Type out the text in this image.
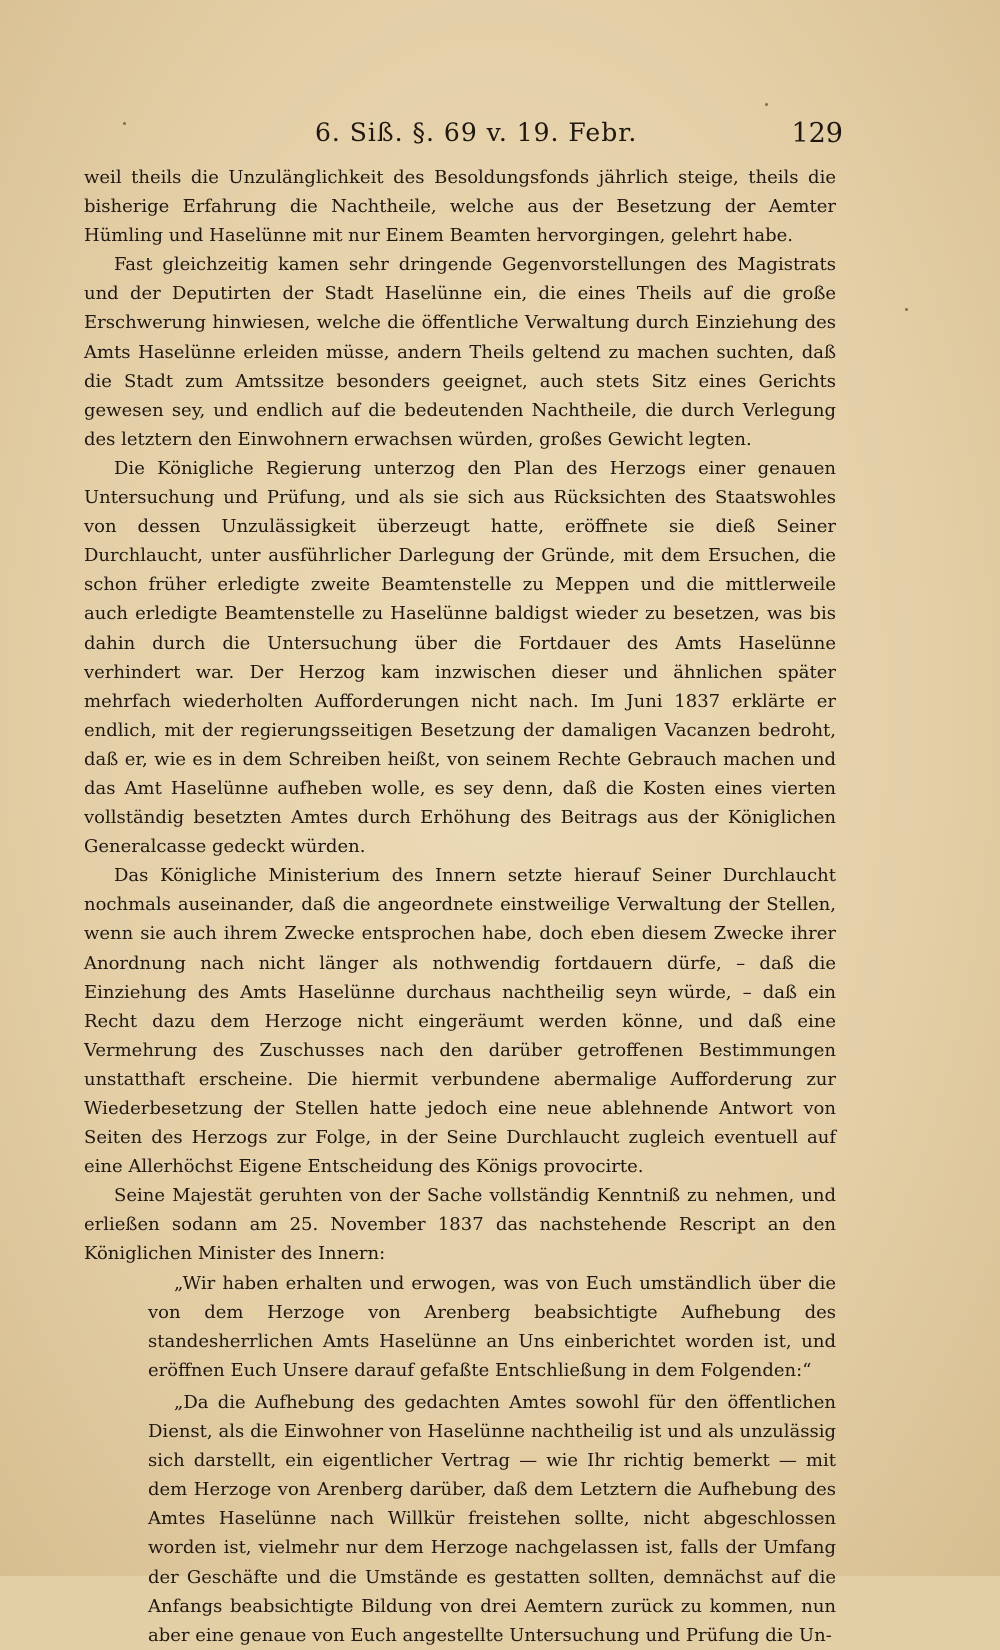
6. Siß. §. 69 v. 19. Febr.	129

weil theils die Unzulänglichkeit des Besoldungsfonds jährlich steige, theils die bisherige Erfahrung die Nachtheile, welche aus der Besetzung der Aemter Hümling und Haselünne mit nur Einem Beamten hervorgingen, gelehrt habe.

Fast gleichzeitig kamen sehr dringende Gegenvorstellungen des Magistrats und der Deputirten der Stadt Haselünne ein, die eines Theils auf die große Erschwerung hinwiesen, welche die öffentliche Verwaltung durch Einziehung des Amts Haselünne erleiden müsse, andern Theils geltend zu machen suchten, daß die Stadt zum Amtssitze besonders geeignet, auch stets Sitz eines Gerichts gewesen sey, und endlich auf die bedeutenden Nachtheile, die durch Verlegung des letztern den Einwohnern erwachsen würden, großes Gewicht legten.

Die Königliche Regierung unterzog den Plan des Herzogs einer genauen Untersuchung und Prüfung, und als sie sich aus Rücksichten des Staatswohles von dessen Unzulässigkeit überzeugt hatte, eröffnete sie dieß Seiner Durchlaucht, unter ausführlicher Darlegung der Gründe, mit dem Ersuchen, die schon früher erledigte zweite Beamtenstelle zu Meppen und die mittlerweile auch erledigte Beamtenstelle zu Haselünne baldigst wieder zu besetzen, was bis dahin durch die Untersuchung über die Fortdauer des Amts Haselünne verhindert war. Der Herzog kam inzwischen dieser und ähnlichen später mehrfach wiederholten Aufforderungen nicht nach. Im Juni 1837 erklärte er endlich, mit der regierungsseitigen Besetzung der damaligen Vacanzen bedroht, daß er, wie es in dem Schreiben heißt, von seinem Rechte Gebrauch machen und das Amt Haselünne aufheben wolle, es sey denn, daß die Kosten eines vierten vollständig besetzten Amtes durch Erhöhung des Beitrags aus der Königlichen Generalcasse gedeckt würden.

Das Königliche Ministerium des Innern setzte hierauf Seiner Durchlaucht nochmals auseinander, daß die angeordnete einstweilige Verwaltung der Stellen, wenn sie auch ihrem Zwecke entsprochen habe, doch eben diesem Zwecke ihrer Anordnung nach nicht länger als nothwendig fortdauern dürfe, – daß die Einziehung des Amts Haselünne durchaus nachtheilig seyn würde, – daß ein Recht dazu dem Herzoge nicht eingeräumt werden könne, und daß eine Vermehrung des Zuschusses nach den darüber getroffenen Bestimmungen unstatthaft erscheine. Die hiermit verbundene abermalige Aufforderung zur Wiederbesetzung der Stellen hatte jedoch eine neue ablehnende Antwort von Seiten des Herzogs zur Folge, in der Seine Durchlaucht zugleich eventuell auf eine Allerhöchst Eigene Entscheidung des Königs provocirte.

Seine Majestät geruhten von der Sache vollständig Kenntniß zu nehmen, und erließen sodann am 25. November 1837 das nachstehende Rescript an den Königlichen Minister des Innern:

„Wir haben erhalten und erwogen, was von Euch umständlich über die von dem Herzoge von Arenberg beabsichtigte Aufhebung des standesherrlichen Amts Haselünne an Uns einberichtet worden ist, und eröffnen Euch Unsere darauf gefaßte Entschließung in dem Folgenden:“

„Da die Aufhebung des gedachten Amtes sowohl für den öffentlichen Dienst, als die Einwohner von Haselünne nachtheilig ist und als unzulässig sich darstellt, ein eigentlicher Vertrag — wie Ihr richtig bemerkt — mit dem Herzoge von Arenberg darüber, daß dem Letztern die Aufhebung des Amtes Haselünne nach Willkür freistehen sollte, nicht abgeschlossen worden ist, vielmehr nur dem Herzoge nachgelassen ist, falls der Umfang der Geschäfte und die Umstände es gestatten sollten, demnächst auf die Anfangs beabsichtigte Bildung von drei Aemtern zurück zu kommen, nun aber eine genaue von Euch angestellte Untersuchung und Prüfung die Un-
